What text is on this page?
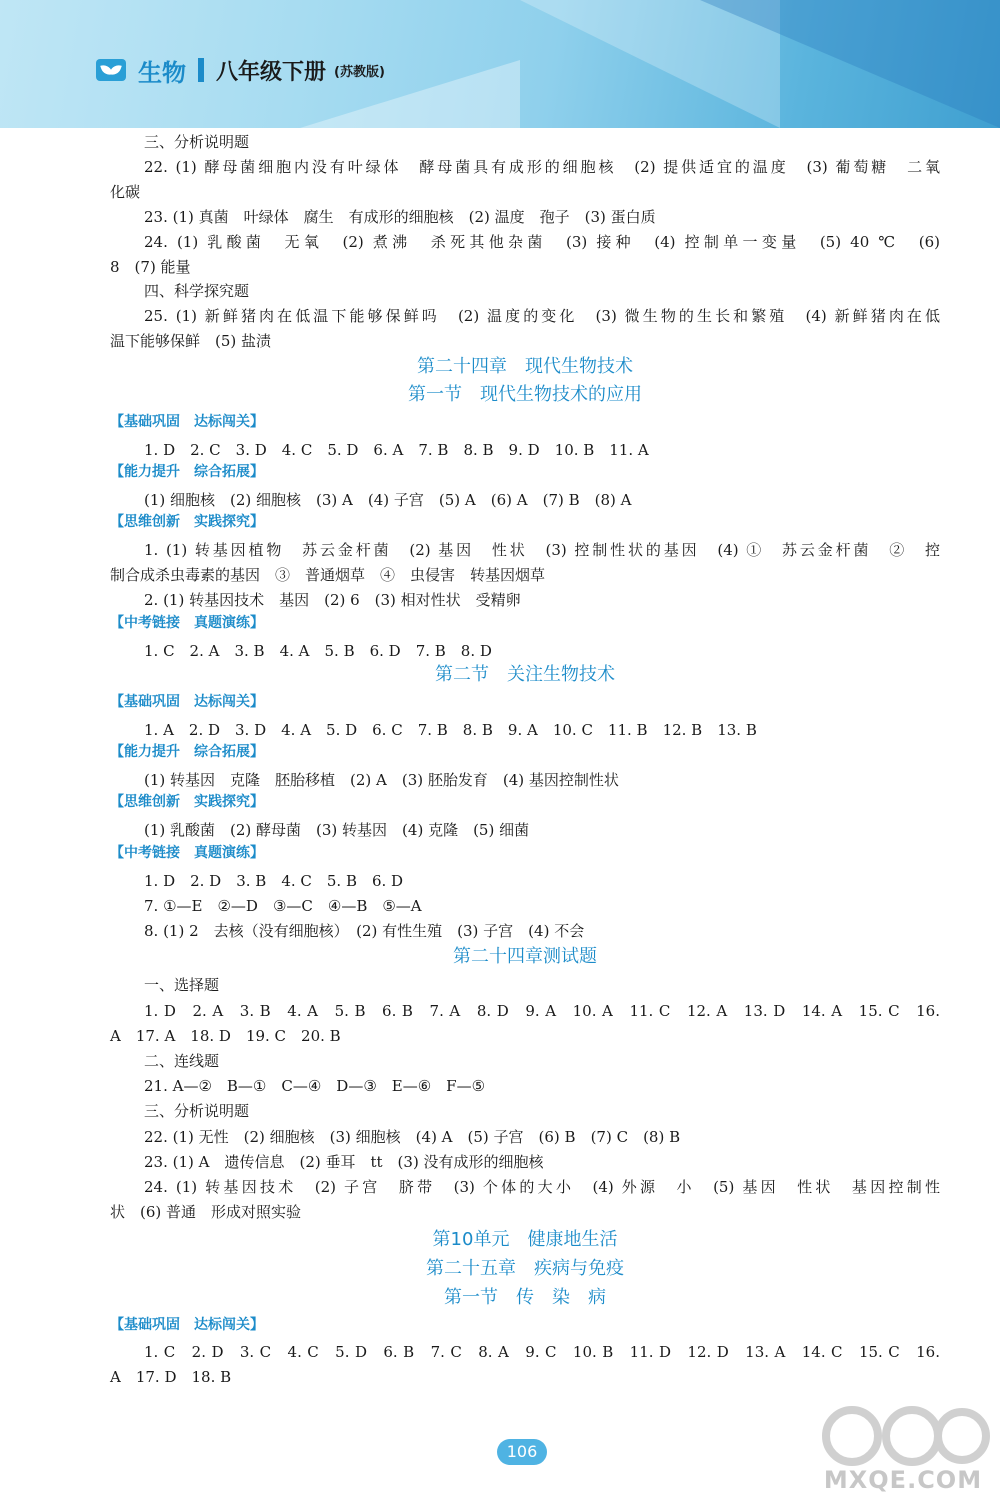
生物 八年级下册 (苏教版)
三、分析说明题
22. (1) 酵母菌细胞内没有叶绿体　酵母菌具有成形的细胞核　(2) 提供适宜的温度　(3) 葡萄糖　二氧
化碳
23. (1) 真菌　叶绿体　腐生　有成形的细胞核　(2) 温度　孢子　(3) 蛋白质
24. (1) 乳酸菌　无氧　(2) 煮沸　杀死其他杂菌　(3) 接种　(4) 控制单一变量　(5) 40 ℃　(6)
8　(7) 能量
四、科学探究题
25. (1) 新鲜猪肉在低温下能够保鲜吗　(2) 温度的变化　(3) 微生物的生长和繁殖　(4) 新鲜猪肉在低
温下能够保鲜　(5) 盐渍
1. D　2. C　3. D　4. C　5. D　6. A　7. B　8. B　9. D　10. B　11. A
(1) 细胞核　(2) 细胞核　(3) A　(4) 子宫　(5) A　(6) A　(7) B　(8) A
1. (1) 转基因植物　苏云金杆菌　(2) 基因　性状　(3) 控制性状的基因　(4) ①　苏云金杆菌　②　控
制合成杀虫毒素的基因　③　普通烟草　④　虫侵害　转基因烟草
2. (1) 转基因技术　基因　(2) 6　(3) 相对性状　受精卵
1. C　2. A　3. B　4. A　5. B　6. D　7. B　8. D
1. A　2. D　3. D　4. A　5. D　6. C　7. B　8. B　9. A　10. C　11. B　12. B　13. B
(1) 转基因　克隆　胚胎移植　(2) A　(3) 胚胎发育　(4) 基因控制性状
(1) 乳酸菌　(2) 酵母菌　(3) 转基因　(4) 克隆　(5) 细菌
1. D　2. D　3. B　4. C　5. B　6. D
7. ①—E　②—D　③—C　④—B　⑤—A
8. (1) 2　去核（没有细胞核）　(2) 有性生殖　(3) 子宫　(4) 不会
一、选择题
1. D　2. A　3. B　4. A　5. B　6. B　7. A　8. D　9. A　10. A　11. C　12. A　13. D　14. A　15. C　16.
A　17. A　18. D　19. C　20. B
二、连线题
21. A—②　B—①　C—④　D—③　E—⑥　F—⑤
三、分析说明题
22. (1) 无性　(2) 细胞核　(3) 细胞核　(4) A　(5) 子宫　(6) B　(7) C　(8) B
23. (1) A　遗传信息　(2) 垂耳　tt　(3) 没有成形的细胞核
24. (1) 转基因技术　(2) 子宫　脐带　(3) 个体的大小　(4) 外源　小　(5) 基因　性状　基因控制性
状　(6) 普通　形成对照实验
1. C　2. D　3. C　4. C　5. D　6. B　7. C　8. A　9. C　10. B　11. D　12. D　13. A　14. C　15. C　16.
A　17. D　18. B
第二十四章　现代生物技术
第一节　现代生物技术的应用
第二节　关注生物技术
第二十四章测试题
第10单元　健康地生活
第二十五章　疾病与免疫
第一节　传　染　病
【基础巩固　达标闯关】
【能力提升　综合拓展】
【思维创新　实践探究】
【中考链接　真题演练】
【基础巩固　达标闯关】
【能力提升　综合拓展】
【思维创新　实践探究】
【中考链接　真题演练】
【基础巩固　达标闯关】
106
MXQE.COM
